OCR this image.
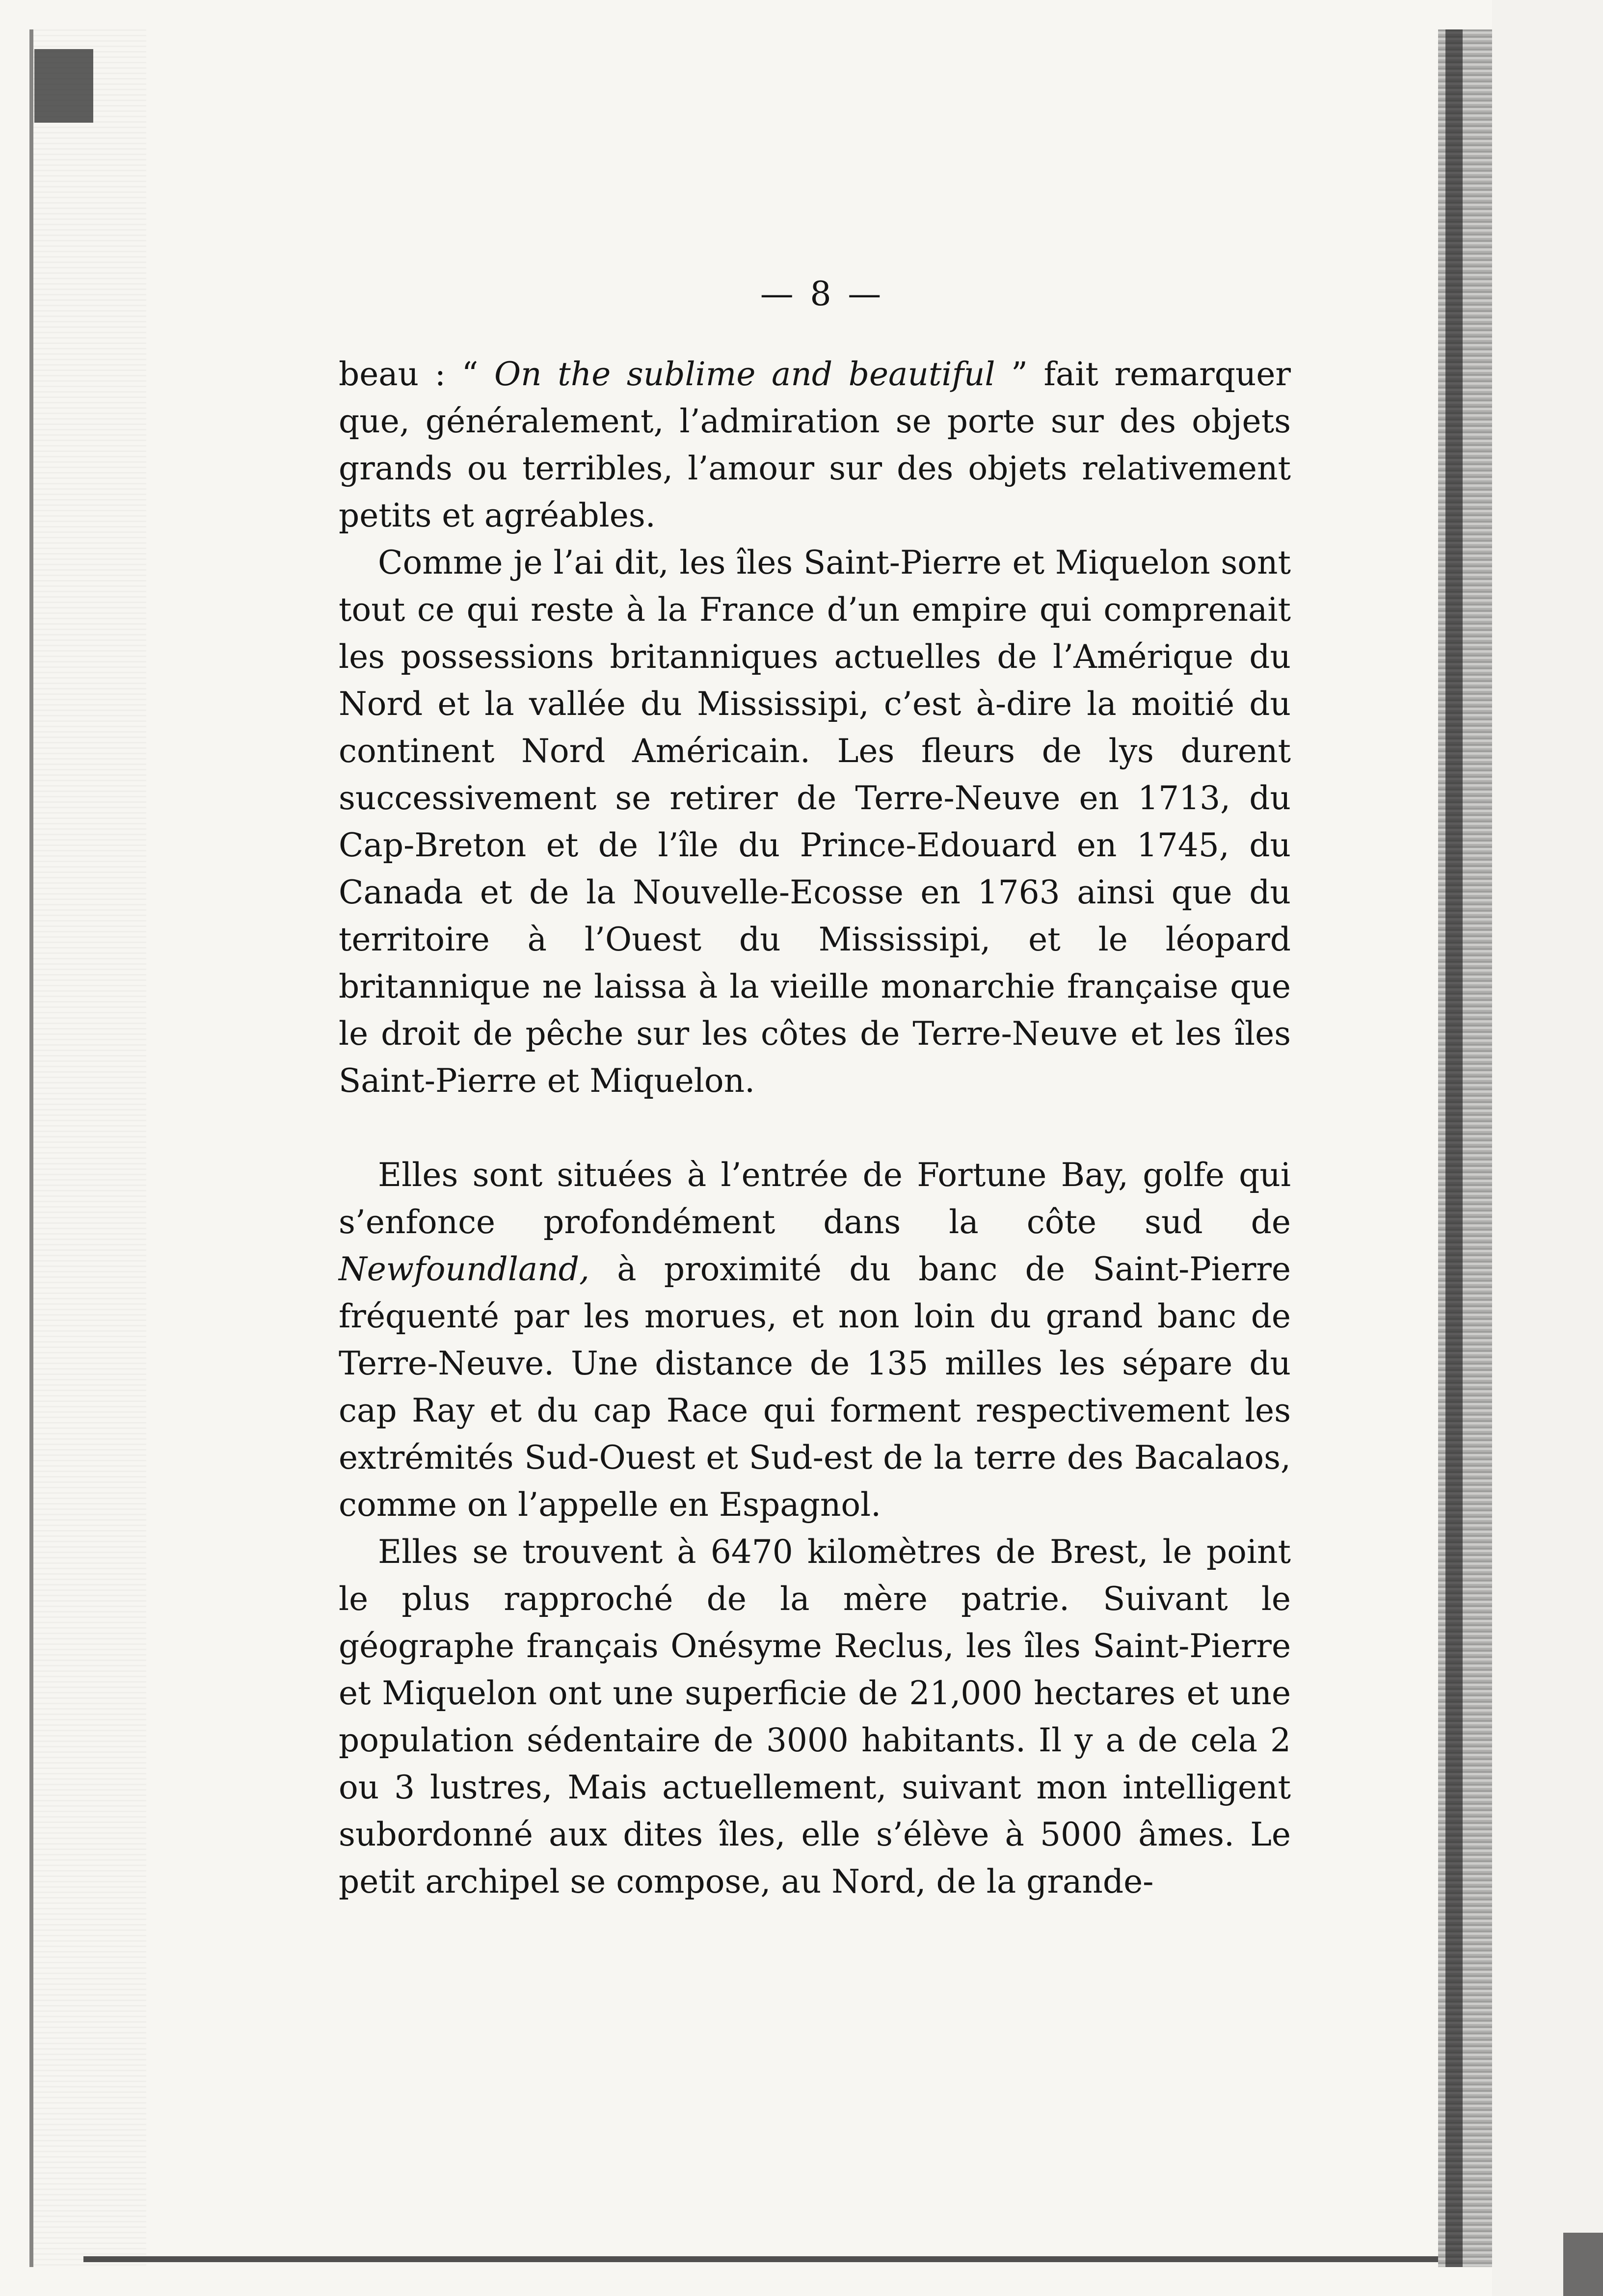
— 8 —

beau : “ On the sublime and beautiful ” fait remarquer que, généralement, l’admiration se porte sur des objets grands ou terribles, l’amour sur des objets relativement petits et agréables.

Comme je l’ai dit, les îles Saint-Pierre et Miquelon sont tout ce qui reste à la France d’un empire qui comprenait les possessions britanniques actuelles de l’Amérique du Nord et la vallée du Mississipi, c’est à-dire la moitié du continent Nord Américain. Les fleurs de lys durent successivement se retirer de Terre-Neuve en 1713, du Cap-Breton et de l’île du Prince-Edouard en 1745, du Canada et de la Nouvelle-Ecosse en 1763 ainsi que du territoire à l’Ouest du Mississipi, et le léopard britannique ne laissa à la vieille monarchie française que le droit de pêche sur les côtes de Terre-Neuve et les îles Saint-Pierre et Miquelon.

Elles sont situées à l’entrée de Fortune Bay, golfe qui s’enfonce profondément dans la côte sud de Newfoundland, à proximité du banc de Saint-Pierre fréquenté par les morues, et non loin du grand banc de Terre-Neuve. Une distance de 135 milles les sépare du cap Ray et du cap Race qui forment respectivement les extrémités Sud-Ouest et Sud-est de la terre des Bacalaos, comme on l’appelle en Espagnol.

Elles se trouvent à 6470 kilomètres de Brest, le point le plus rapproché de la mère patrie. Suivant le géographe français Onésyme Reclus, les îles Saint-Pierre et Miquelon ont une superficie de 21,000 hectares et une population sédentaire de 3000 habitants. Il y a de cela 2 ou 3 lustres, Mais actuellement, suivant mon intelligent subordonné aux dites îles, elle s’élève à 5000 âmes. Le petit archipel se compose, au Nord, de la grande-
